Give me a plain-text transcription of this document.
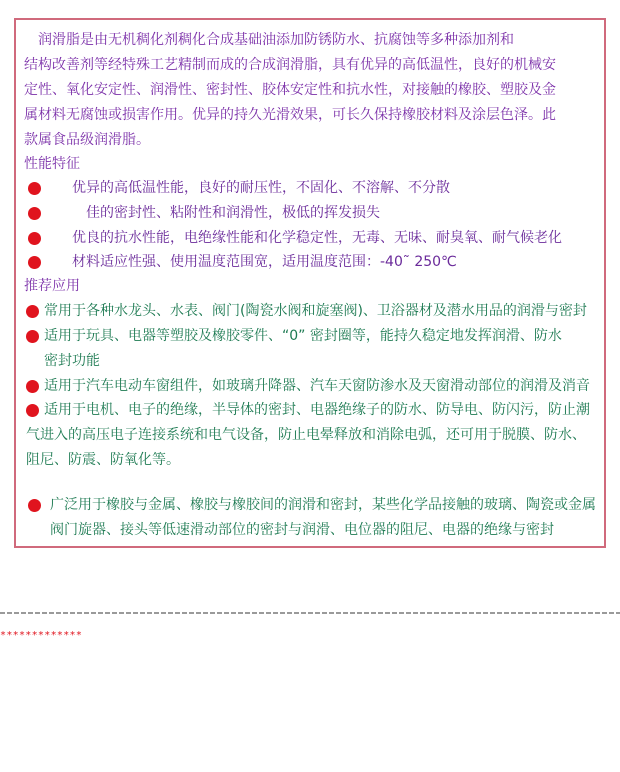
润滑脂是由无机稠化剂稠化合成基础油添加防锈防水、抗腐蚀等多种添加剂和
结构改善剂等经特殊工艺精制而成的合成润滑脂，具有优异的高低温性，良好的机械安
定性、氧化安定性、润滑性、密封性、胶体安定性和抗水性，对接触的橡胶、塑胶及金
属材料无腐蚀或损害作用。优异的持久光滑效果，可长久保持橡胶材料及涂层色泽。此
款属食品级润滑脂。
性能特征
优异的高低温性能，良好的耐压性，不固化、不溶解、不分散
佳的密封性、粘附性和润滑性，极低的挥发损失
优良的抗水性能，电绝缘性能和化学稳定性，无毒、无味、耐臭氧、耐气候老化
材料适应性强、使用温度范围宽，适用温度范围：-40˜ 250℃
推荐应用
常用于各种水龙头、水表、阀门(陶瓷水阀和旋塞阀)、卫浴器材及潜水用品的润滑与密封
适用于玩具、电器等塑胶及橡胶零件、“0” 密封圈等，能持久稳定地发挥润滑、防水
密封功能
适用于汽车电动车窗组件，如玻璃升降器、汽车天窗防渗水及天窗滑动部位的润滑及消音
适用于电机、电子的绝缘，半导体的密封、电器绝缘子的防水、防导电、防闪污，防止潮
气进入的高压电子连接系统和电气设备，防止电晕释放和消除电弧，还可用于脱膜、防水、
阻尼、防震、防氧化等。
广泛用于橡胶与金属、橡胶与橡胶间的润滑和密封，某些化学品接触的玻璃、陶瓷或金属
阀门旋器、接头等低速滑动部位的密封与润滑、电位器的阻尼、电器的绝缘与密封
*************
